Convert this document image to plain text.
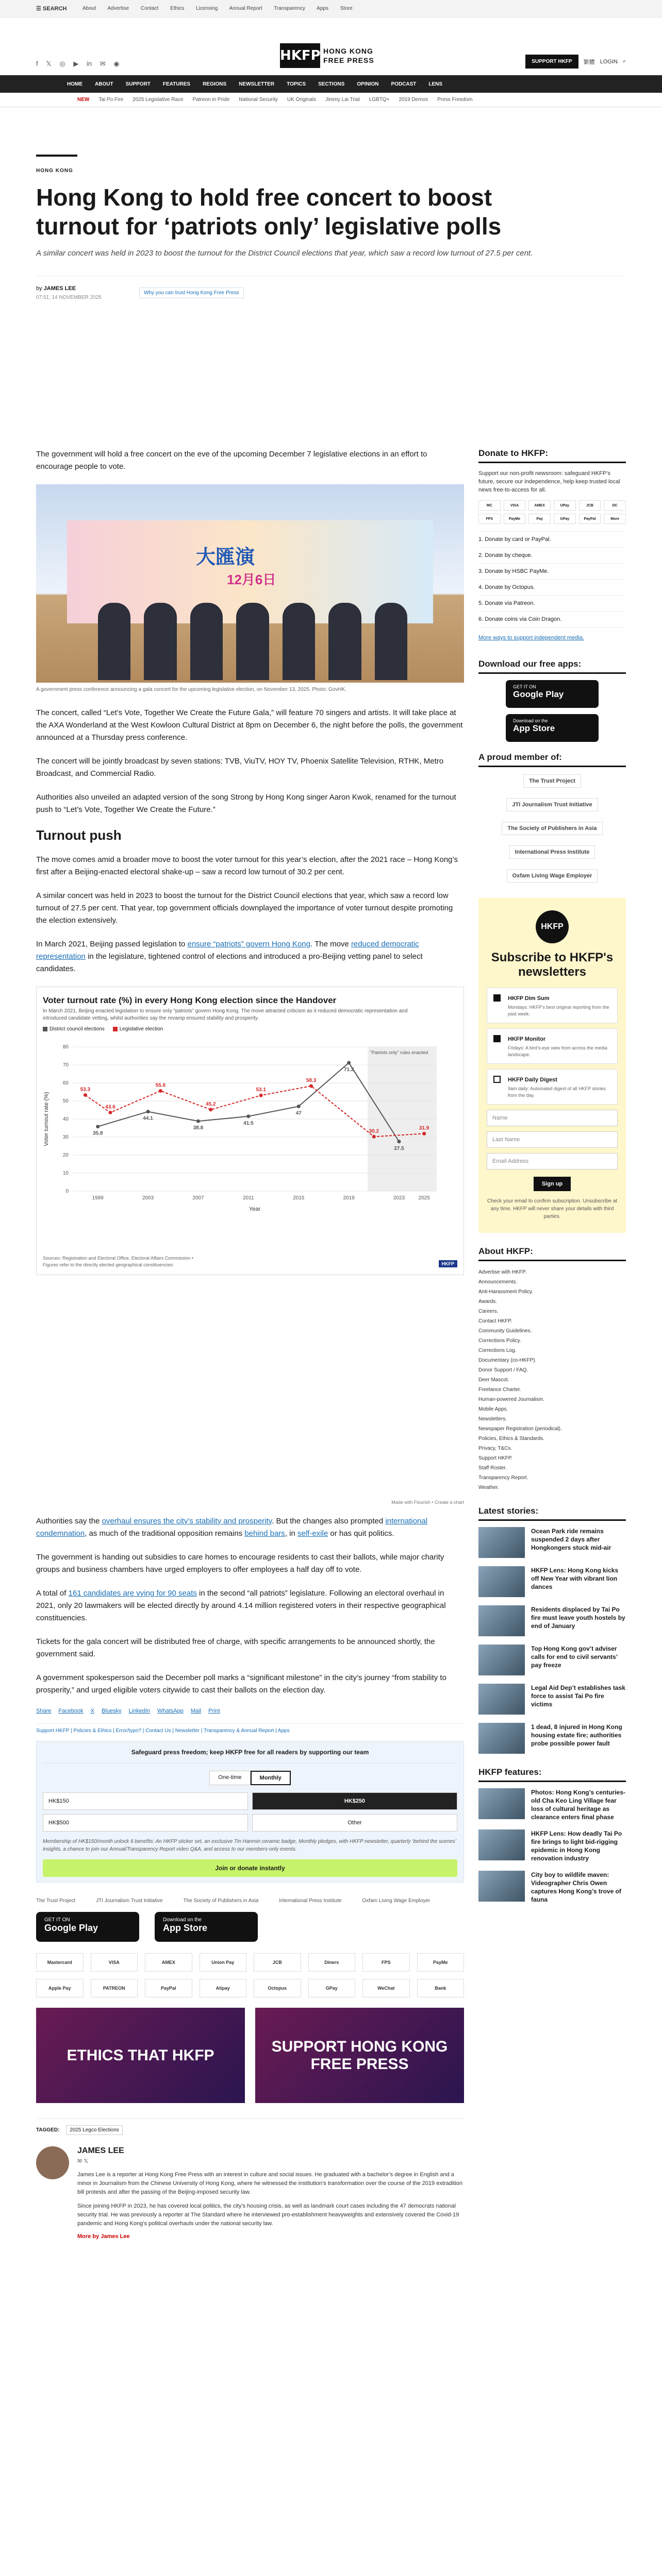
☰ SEARCH	About Advertise Contact Ethics Licensing Annual Report Transparency Apps Store
f 𝕏 ◎ ▶ in ✉ ◉
HKFP HONG KONG
FREE PRESS	SUPPORT HKFP	繁體 LOGIN ⌕
HOME ABOUT SUPPORT FEATURES REGIONS NEWSLETTER TOPICS SECTIONS OPINION PODCAST LENS
NEW Tai Po Fire 2025 Legislative Race Patreon in Pride National Security UK Originals Jimmy Lai Trial LGBTQ+ 2019 Demos Press Freedom
HONG KONG
Hong Kong to hold free concert to boost turnout for ‘patriots only’ legislative polls
A similar concert was held in 2023 to boost the turnout for the District Council elections that year, which saw a record low turnout of 27.5 per cent.
by JAMES LEE
07:51, 14 NOVEMBER 2025
Why you can trust Hong Kong Free Press

The government will hold a free concert on the eve of the upcoming December 7 legislative elections in an effort to encourage people to vote.

大匯演
12月6日
A government press conference announcing a gala concert for the upcoming legislative election, on November 13, 2025. Photo: GovHK.

The concert, called “Let’s Vote, Together We Create the Future Gala,” will feature 70 singers and artists. It will take place at the AXA Wonderland at the West Kowloon Cultural District at 8pm on December 6, the night before the polls, the government announced at a Thursday press conference.

The concert will be jointly broadcast by seven stations: TVB, ViuTV, HOY TV, Phoenix Satellite Television, RTHK, Metro Broadcast, and Commercial Radio.

Authorities also unveiled an adapted version of the song Strong by Hong Kong singer Aaron Kwok, renamed for the turnout push to “Let’s Vote, Together We Create the Future.”

Turnout push

The move comes amid a broader move to boost the voter turnout for this year’s election, after the 2021 race – Hong Kong’s first after a Beijing-enacted electoral shake-up – saw a record low turnout of 30.2 per cent.

A similar concert was held in 2023 to boost the turnout for the District Council elections that year, which saw a record low turnout of 27.5 per cent. That year, top government officials downplayed the importance of voter turnout despite promoting the election extensively.

In March 2021, Beijing passed legislation to ensure “patriots” govern Hong Kong. The move reduced democratic representation in the legislature, tightened control of elections and introduced a pro-Beijing vetting panel to select candidates.

Voter turnout rate (%) in every Hong Kong election since the Handover
In March 2021, Beijing enacted legislation to ensure only “patriots” govern Hong Kong. The move attracted criticism as it reduced democratic representation and introduced candidate vetting, whilst authorities say the revamp ensured stability and prosperity.
District council elections	Legislative election
"Patriots only" rules enacted
0
10
20
30
40
50
60
70
80
1999	2003	2007	2011	2015	2019	2023	2025
Year
Voter turnout rate (%)	35.8
44.1
38.8
41.5
47
71.2
27.5
53.3
43.6
55.6
45.2
53.1
58.3
30.2
31.9
Sources: Registration and Electoral Office, Electoral Affairs Commission •
Figures refer to the directly elected geographical constituencies	HKFP
Made with Flourish • Create a chart

Authorities say the overhaul ensures the city’s stability and prosperity. But the changes also prompted international condemnation, as much of the traditional opposition remains behind bars, in self-exile or has quit politics.

The government is handing out subsidies to care homes to encourage residents to cast their ballots, while major charity groups and business chambers have urged employers to offer employees a half day off to vote.

A total of 161 candidates are vying for 90 seats in the second “all patriots” legislature. Following an electoral overhaul in 2021, only 20 lawmakers will be elected directly by around 4.14 million registered voters in their respective geographical constituencies.

Tickets for the gala concert will be distributed free of charge, with specific arrangements to be announced shortly, the government said.

A government spokesperson said the December poll marks a “significant milestone” in the city’s journey “from stability to prosperity,” and urged eligible voters citywide to cast their ballots on the election day.

Share Facebook X Bluesky LinkedIn WhatsApp Mail Print
Support HKFP | Policies & Ethics | Error/typo? | Contact Us | Newsletter | Transparency & Annual Report | Apps
Safeguard press freedom; keep HKFP free for all readers by supporting our team
One-time	Monthly
HK$150	HK$250
HK$500	Other
Membership of HK$150/month unlock 6 benefits: An HKFP sticker set, an exclusive Tin Hanmin ceramic badge, Monthly pledges, with HKFP newsletter, quarterly ‘behind the scenes’ insights, a chance to join our Annual/Transparency Report video Q&A, and access to our members-only events.
Join or donate instantly
The Trust Project	JTI Journalism Trust Initiative	The Society of Publishers in Asia	International Press Institute	Oxfam Living Wage Employer
GET IT ON
Google Play
Download on the
App Store
Mastercard	VISA	AMEX	Union Pay	JCB	Diners	FPS	PayMe
Apple Pay	PATREON	PayPal	Alipay	Octopus	GPay	WeChat	Bank
ETHICS THAT HKFP
SUPPORT HONG KONG FREE PRESS
TAGGED: 2025 Legco Elections
JAMES LEE
✉ 𝕏

James Lee is a reporter at Hong Kong Free Press with an interest in culture and social issues. He graduated with a bachelor’s degree in English and a minor in Journalism from the Chinese University of Hong Kong, where he witnessed the institution’s transformation over the course of the 2019 extradition bill protests and after the passing of the Beijing-imposed security law.

Since joining HKFP in 2023, he has covered local politics, the city’s housing crisis, as well as landmark court cases including the 47 democrats national security trial. He was previously a reporter at The Standard where he interviewed pro-establishment heavyweights and extensively covered the Covid-19 pandemic and Hong Kong’s political overhauls under the national security law.

More by James Lee
Donate to HKFP:
Support our non-profit newsroom: safeguard HKFP’s future, secure our independence, help keep trusted local news free-to-access for all.
MC	VISA	AMEX	UPay	JCB	DC
FPS	PayMe	Pay	GPay	PayPal	More
1. Donate by card or PayPal.
2. Donate by cheque.
3. Donate by HSBC PayMe.
4. Donate by Octopus.
5. Donate via Patreon.
6. Donate coins via Coin Dragon.
More ways to support independent media.
Download our free apps:
GET IT ON
Google Play
Download on the
App Store
A proud member of:
The Trust Project
JTI Journalism Trust Initiative
The Society of Publishers in Asia
International Press Institute
Oxfam Living Wage Employer
HKFP
Subscribe to HKFP's newsletters
HKFP Dim Sum

Mondays: HKFP’s best original reporting from the past week.

HKFP Monitor

Fridays: A bird’s-eye view from across the media landscape.

HKFP Daily Digest

9am daily: Automated digest of all HKFP stories from the day.

Name
Last Name
Email Address
Sign up
Check your email to confirm subscription. Unsubscribe at any time. HKFP will never share your details with third parties.
About HKFP:
Advertise with HKFP.
Announcements.
Anti-Harassment Policy.
Awards.
Careers.
Contact HKFP.
Community Guidelines.
Corrections Policy.
Corrections Log.
Documentary (co-HKFP).
Donor Support / FAQ.
Deer Mascot.
Freelance Charter.
Human-powered Journalism.
Mobile Apps.
Newsletters.
Newspaper Registration (periodical).
Policies, Ethics & Standards.
Privacy, T&Cs.
Support HKFP.
Staff Roster.
Transparency Report.
Weather.
Latest stories:

Ocean Park ride remains suspended 2 days after Hongkongers stuck mid-air

HKFP Lens: Hong Kong kicks off New Year with vibrant lion dances

Residents displaced by Tai Po fire must leave youth hostels by end of January

Top Hong Kong gov’t adviser calls for end to civil servants’ pay freeze

Legal Aid Dep’t establishes task force to assist Tai Po fire victims

1 dead, 8 injured in Hong Kong housing estate fire; authorities probe possible power fault

HKFP features:

Photos: Hong Kong’s centuries-old Cha Keo Ling Village fear loss of cultural heritage as clearance enters final phase

HKFP Lens: How deadly Tai Po fire brings to light bid-rigging epidemic in Hong Kong renovation industry

City boy to wildlife maven: Videographer Chris Owen captures Hong Kong’s trove of fauna
